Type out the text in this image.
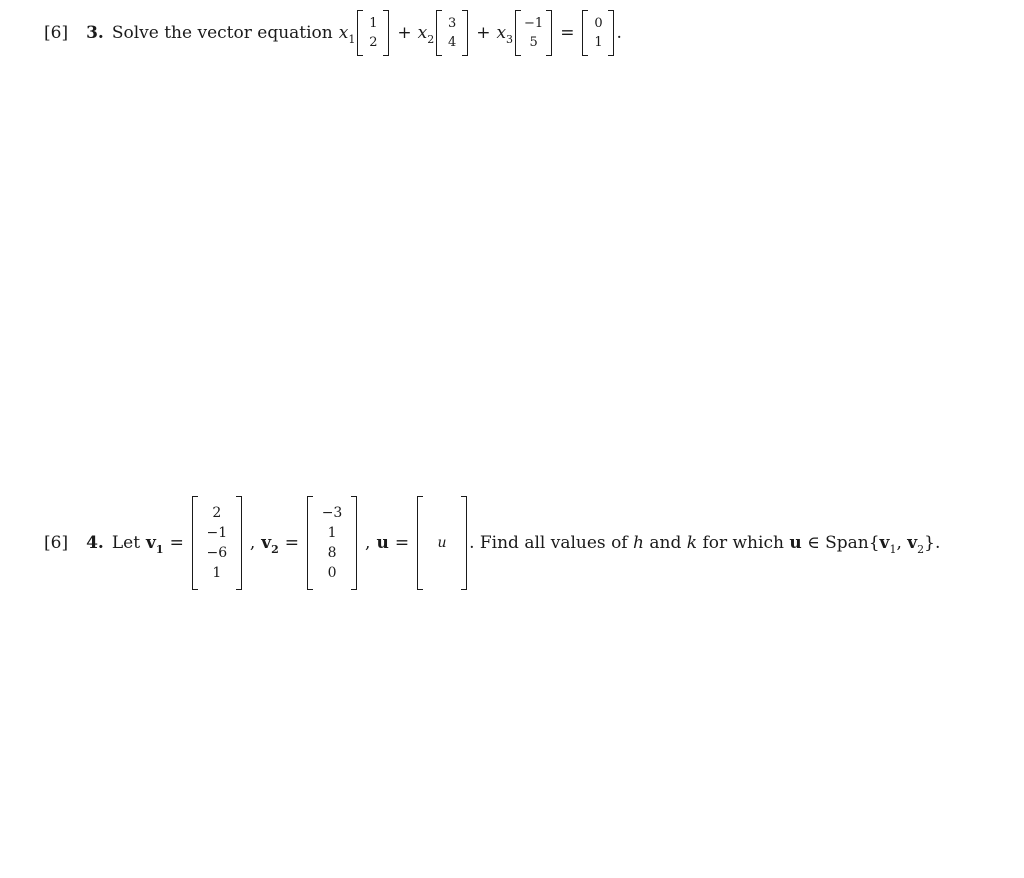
[6] 3. Solve the vector equation $x_1$
1
$2 + x_2$
3
$4 + x_3$
−1
5	= 0
1 .
[6] 4. Let $v_1$ =
2
−1
−6
1
, $v_2$ =
−3
1
8
0
, u =	u	. Find all values of
h
and
k
for which
u
∈
$Span\{v_1$, $v_2$}.
